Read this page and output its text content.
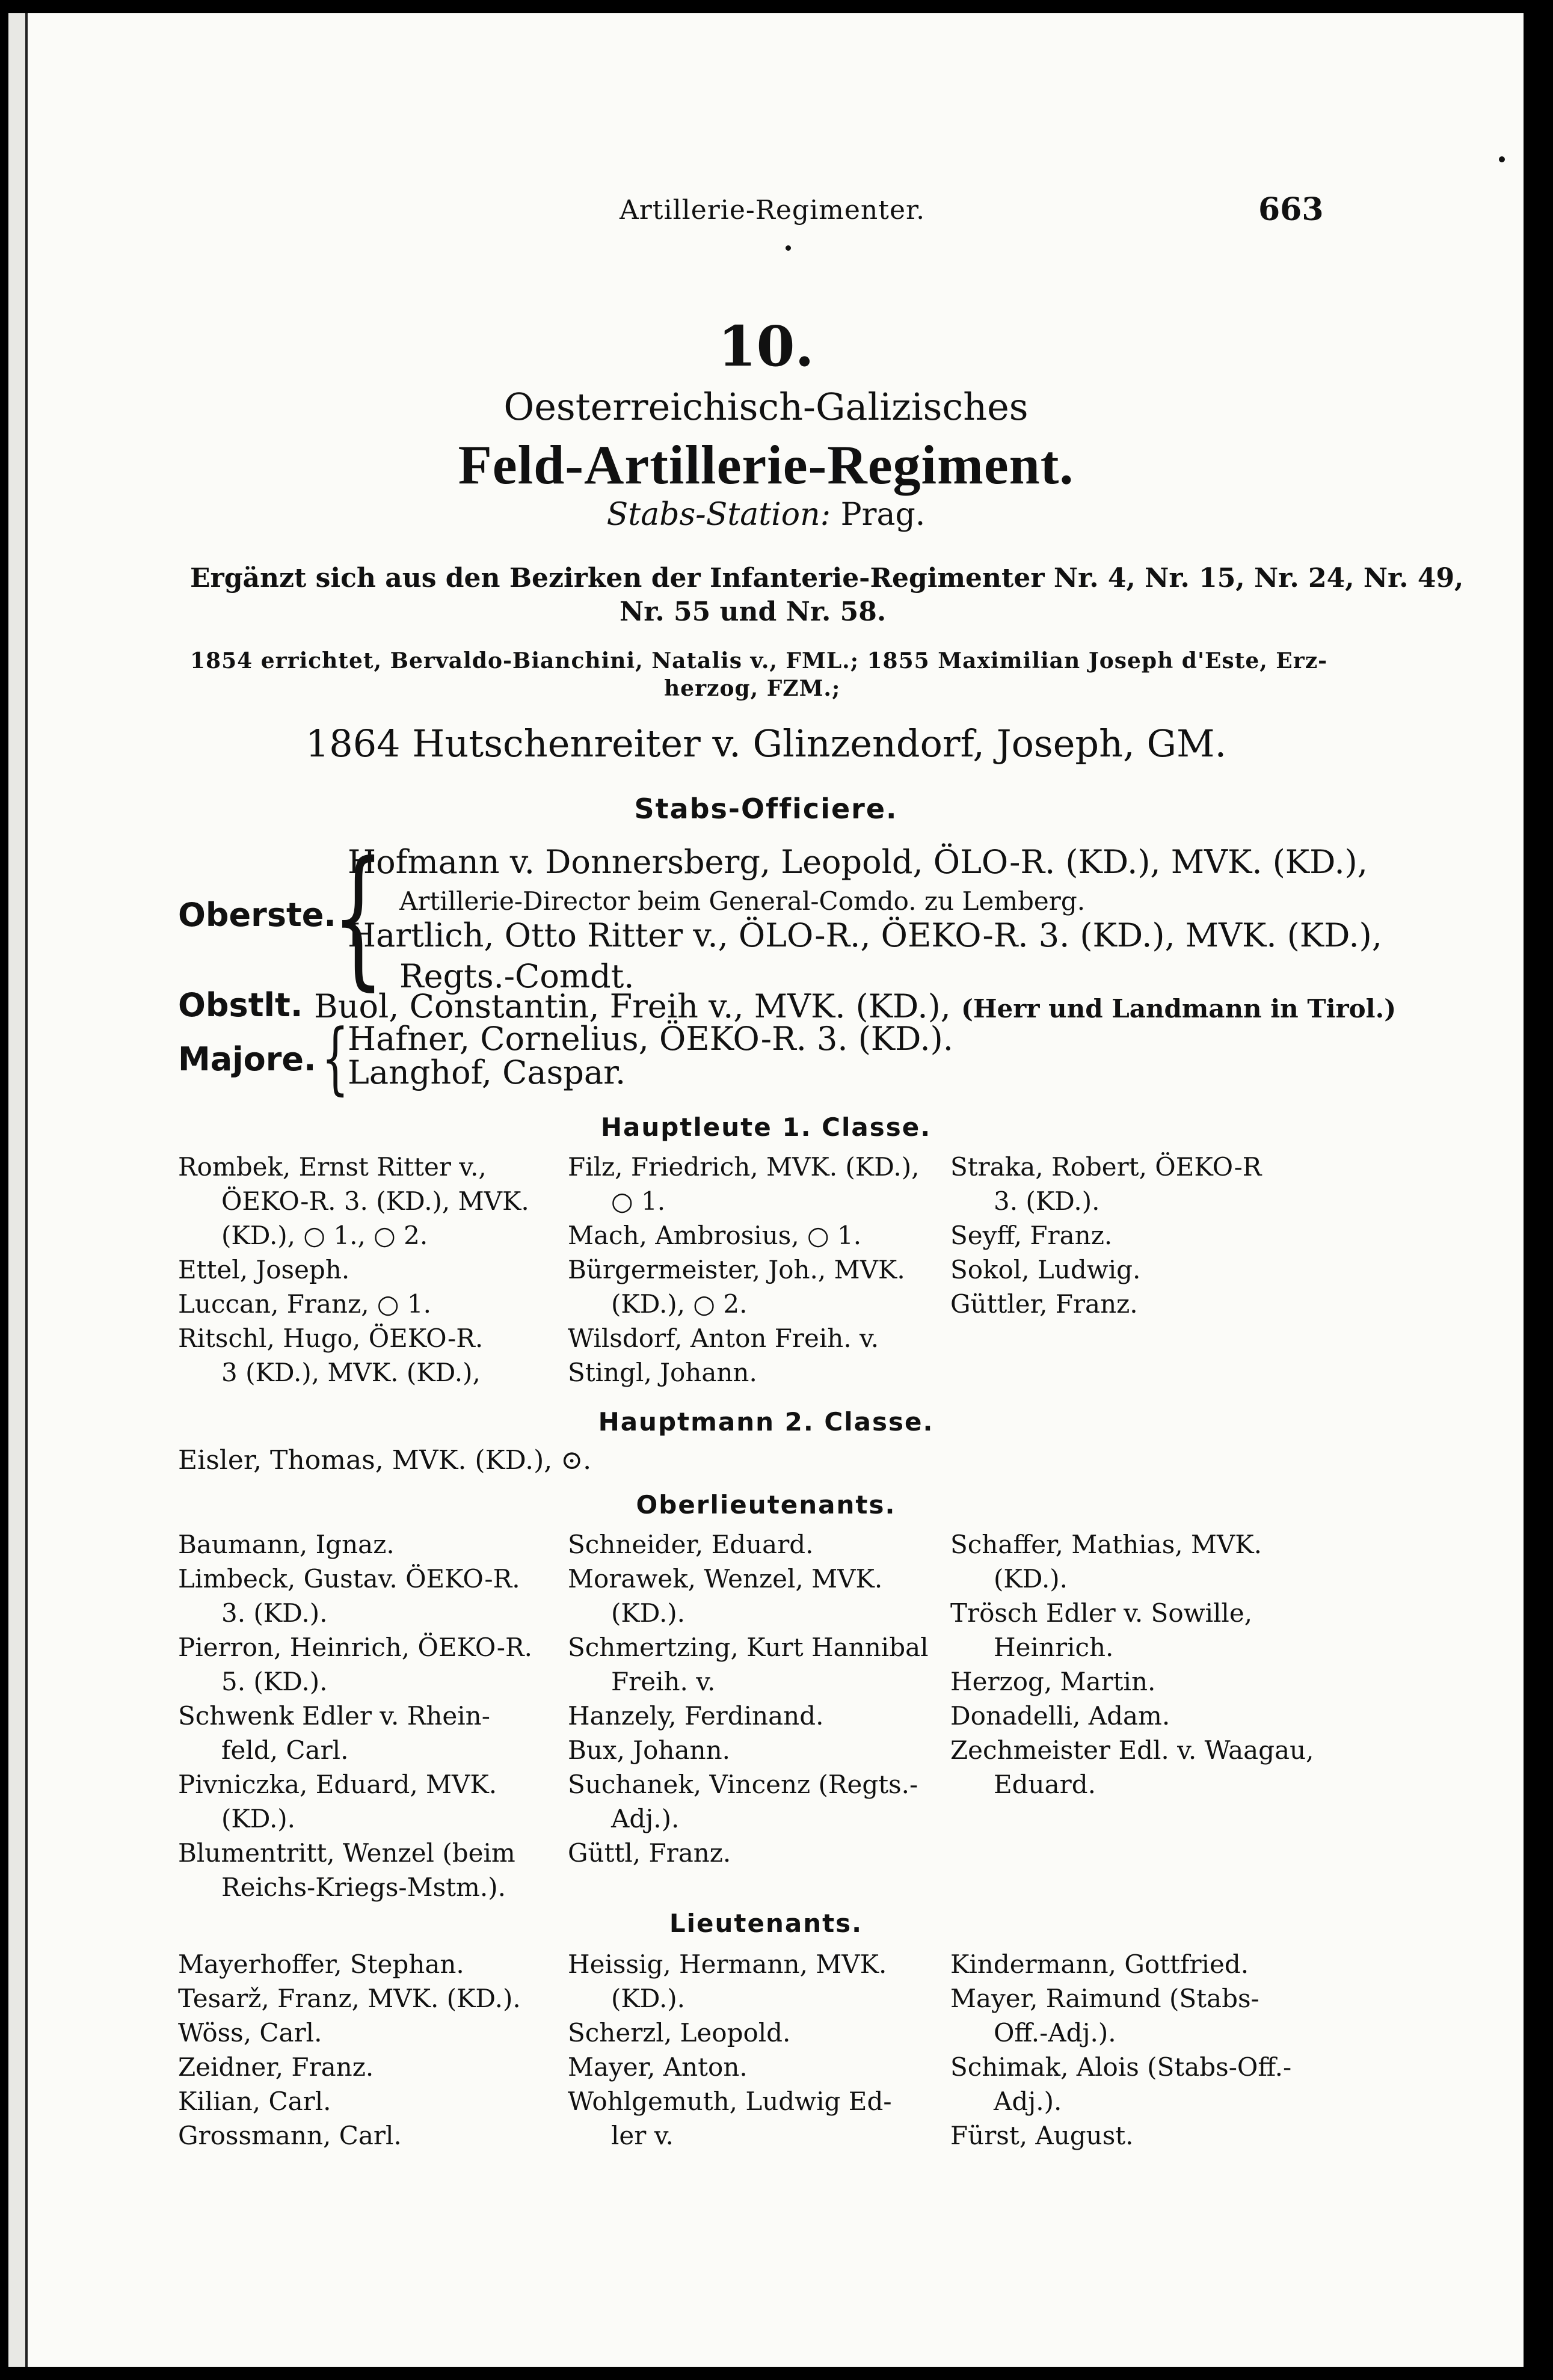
Artillerie-Regimenter.	663
10.
Oesterreichisch-Galizisches
Feld-Artillerie-Regiment.
Stabs-Station: Prag.
Ergänzt sich aus den Bezirken der Infanterie-Regimenter Nr. 4, Nr. 15, Nr. 24, Nr. 49,
Nr. 55 und Nr. 58.
1854 errichtet, Bervaldo-Bianchini, Natalis v., FML.; 1855 Maximilian Joseph d'Este, Erz-
herzog, FZM.;
1864 Hutschenreiter v. Glinzendorf, Joseph, GM.
Stabs-Officiere.
Oberste.
{
Hofmann v. Donnersberg, Leopold, ÖLO-R. (KD.), MVK. (KD.),
Artillerie-Director beim General-Comdo. zu Lemberg.
Hartlich, Otto Ritter v., ÖLO-R., ÖEKO-R. 3. (KD.), MVK. (KD.),
Regts.-Comdt.
Obstlt. Buol, Constantin, Freih v., MVK. (KD.), (Herr und Landmann in Tirol.)
Majore. {
Hafner, Cornelius, ÖEKO-R. 3. (KD.).
Langhof, Caspar.
Hauptleute 1. Classe.
Rombek, Ernst Ritter v.,
ÖEKO-R. 3. (KD.), MVK.
(KD.), ○ 1., ○ 2.
Ettel, Joseph.
Luccan, Franz, ○ 1.
Ritschl, Hugo, ÖEKO-R.
3 (KD.), MVK. (KD.),
Filz, Friedrich, MVK. (KD.),
○ 1.
Mach, Ambrosius, ○ 1.
Bürgermeister, Joh., MVK.
(KD.), ○ 2.
Wilsdorf, Anton Freih. v.
Stingl, Johann.
Straka, Robert, ÖEKO-R
3. (KD.).
Seyff, Franz.
Sokol, Ludwig.
Güttler, Franz.
Hauptmann 2. Classe.
Eisler, Thomas, MVK. (KD.), ⊙.
Oberlieutenants.
Baumann, Ignaz.
Limbeck, Gustav. ÖEKO-R.
3. (KD.).
Pierron, Heinrich, ÖEKO-R.
5. (KD.).
Schwenk Edler v. Rhein-
feld, Carl.
Pivniczka, Eduard, MVK.
(KD.).
Blumentritt, Wenzel (beim
Reichs-Kriegs-Mstm.).
Schneider, Eduard.
Morawek, Wenzel, MVK.
(KD.).
Schmertzing, Kurt Hannibal
Freih. v.
Hanzely, Ferdinand.
Bux, Johann.
Suchanek, Vincenz (Regts.-
Adj.).
Güttl, Franz.
Schaffer, Mathias, MVK.
(KD.).
Trösch Edler v. Sowille,
Heinrich.
Herzog, Martin.
Donadelli, Adam.
Zechmeister Edl. v. Waagau,
Eduard.
Lieutenants.
Mayerhoffer, Stephan.
Tesarž, Franz, MVK. (KD.).
Wöss, Carl.
Zeidner, Franz.
Kilian, Carl.
Grossmann, Carl.
Heissig, Hermann, MVK.
(KD.).
Scherzl, Leopold.
Mayer, Anton.
Wohlgemuth, Ludwig Ed-
ler v.
Kindermann, Gottfried.
Mayer, Raimund (Stabs-
Off.-Adj.).
Schimak, Alois (Stabs-Off.-
Adj.).
Fürst, August.
